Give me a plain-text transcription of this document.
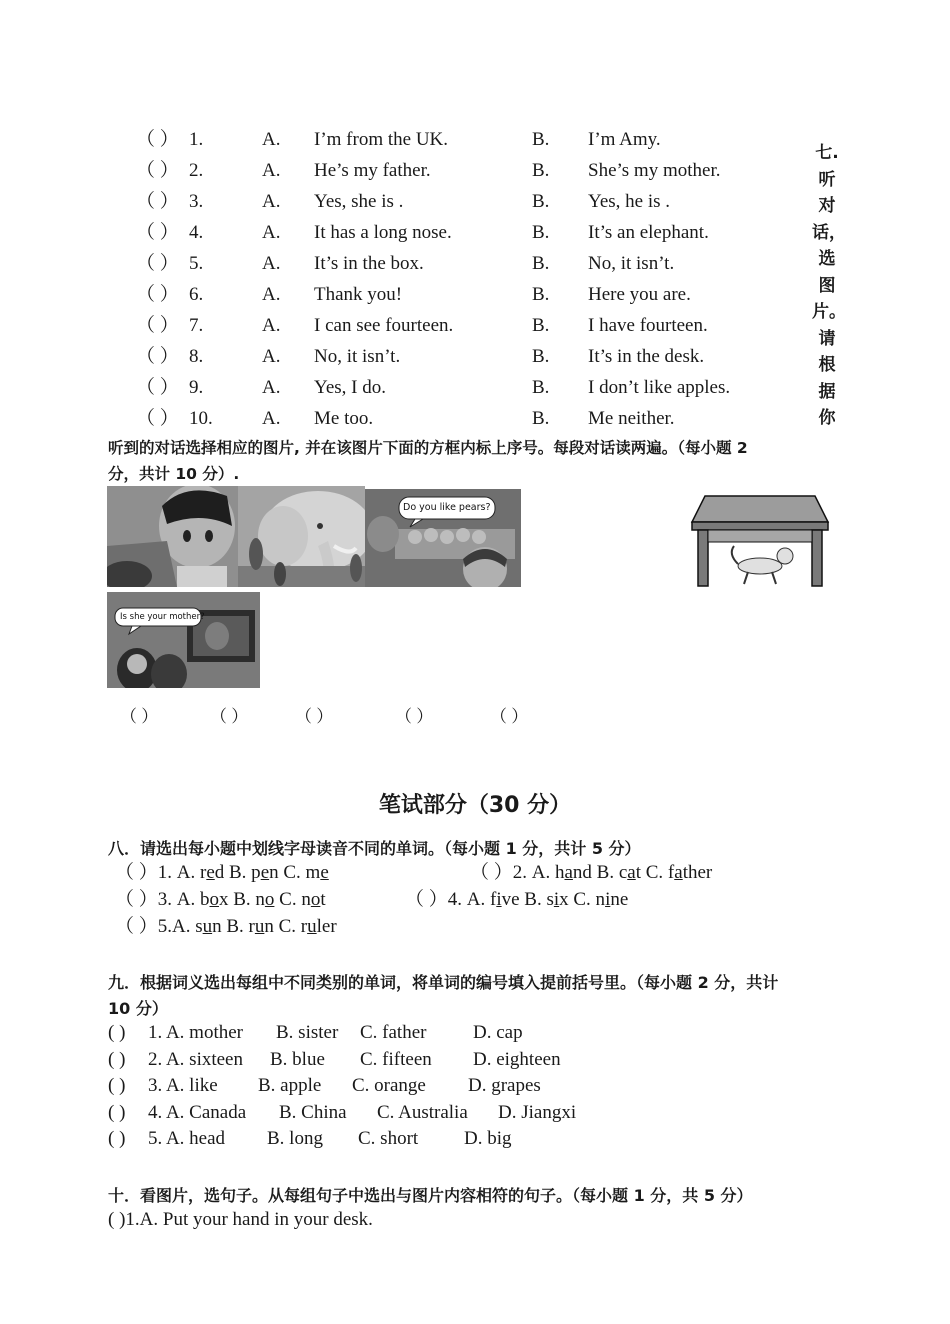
（ ） 1.	A. I’m from the UK.	B. I’m Amy.
（ ） 2.	A. He’s my father.	B. She’s my mother.
（ ） 3.	A. Yes, she is .	B. Yes, he is .
（ ） 4.	A. It has a long nose.	B. It’s an elephant.
（ ） 5.	A. It’s in the box.	B. No, it isn’t.
（ ） 6.	A. Thank you!	B. Here you are.
（ ） 7.	A. I can see fourteen.	B. I have fourteen.
（ ） 8.	A. No, it isn’t.	B. It’s in the desk.
（ ） 9.	A. Yes, I do.	B. I don’t like apples.
（ ） 10.	A. Me too.	B. Me neither.
七.
听
对
话，
选
图
片。
请
根
据
你
听到的对话选择相应的图片, 并在该图片下面的方框内标上序号。每段对话读两遍。（每小题 2
分，共计 10 分）.
Do you like pears?
Is she your mother?
（ ）	（ ）	（ ）	（ ）	（ ）
笔试部分（30 分）
八．请选出每小题中划线字母读音不同的单词。（每小题 1 分，共计 5 分）
（ ）1. A. red B. pen C. me	（ ）2. A. hand B. cat C. father
（ ）3. A. box B. no C. not	（ ）4. A. five B. six C. nine
（ ）5.A. sun B. run C. ruler
九．根据词义选出每组中不同类别的单词，将单词的编号填入提前括号里。（每小题 2 分，共计
10 分）
( ) 1. A. mother B. sister C. father D. cap
( ) 2. A. sixteen B. blue C. fifteen D. eighteen
( ) 3. A. like B. apple C. orange D. grapes
( ) 4. A. Canada B. China C. Australia D. Jiangxi
( ) 5. A. head B. long C. short D. big
十．看图片，选句子。从每组句子中选出与图片内容相符的句子。（每小题 1 分，共 5 分）
( )1.A. Put your hand in your desk.
